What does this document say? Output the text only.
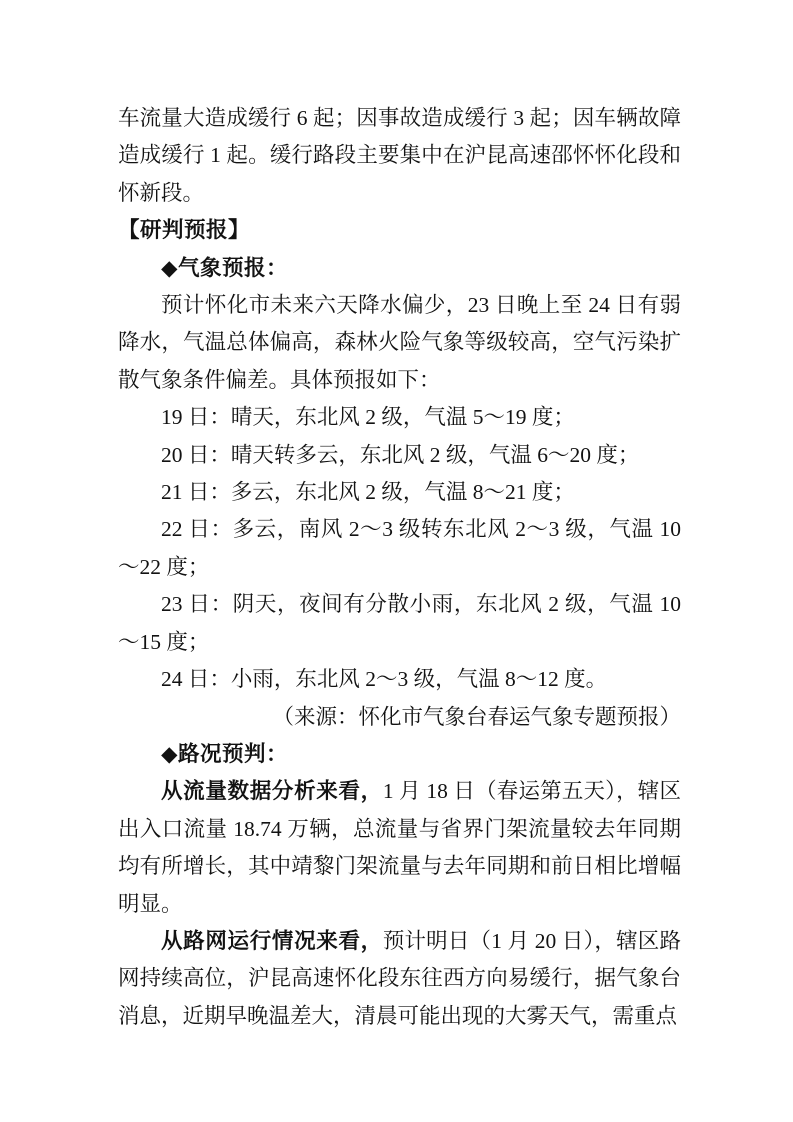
车流量大造成缓行 6 起；因事故造成缓行 3 起；因车辆故障造成缓行 1 起。缓行路段主要集中在沪昆高速邵怀怀化段和怀新段。

【研判预报】

◆气象预报：

预计怀化市未来六天降水偏少，23 日晚上至 24 日有弱降水，气温总体偏高，森林火险气象等级较高，空气污染扩散气象条件偏差。具体预报如下：

19 日：晴天，东北风 2 级，气温 5～19 度；

20 日：晴天转多云，东北风 2 级，气温 6～20 度；

21 日：多云，东北风 2 级，气温 8～21 度；

22 日：多云，南风 2～3 级转东北风 2～3 级，气温 10～22 度；

23 日：阴天，夜间有分散小雨，东北风 2 级，气温 10～15 度；

24 日：小雨，东北风 2～3 级，气温 8～12 度。

（来源：怀化市气象台春运气象专题预报）

◆路况预判：

从流量数据分析来看，1 月 18 日（春运第五天），辖区出入口流量 18.74 万辆，总流量与省界门架流量较去年同期均有所增长，其中靖黎门架流量与去年同期和前日相比增幅明显。

从路网运行情况来看，预计明日（1 月 20 日），辖区路网持续高位，沪昆高速怀化段东往西方向易缓行，据气象台消息，近期早晚温差大，清晨可能出现的大雾天气，需重点
